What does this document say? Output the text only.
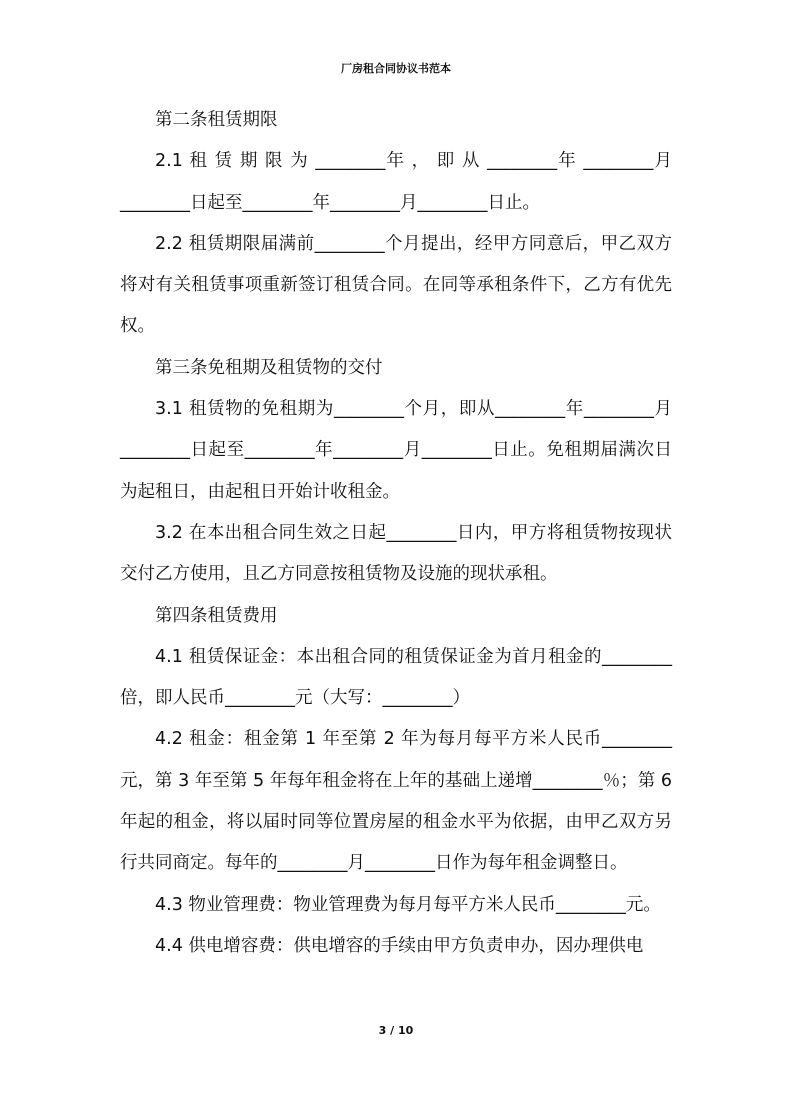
厂房租合同协议书范本

第二条租赁期限

2.1 租 赁 期 限 为 ________年 ， 即 从 ________年 ________月________日起至________年________月________日止。

2.2 租赁期限届满前________个月提出，经甲方同意后，甲乙双方将对有关租赁事项重新签订租赁合同。在同等承租条件下，乙方有优先权。

第三条免租期及租赁物的交付

3.1 租赁物的免租期为________个月，即从________年________月________日起至________年________月________日止。免租期届满次日为起租日，由起租日开始计收租金。

3.2 在本出租合同生效之日起________日内，甲方将租赁物按现状交付乙方使用，且乙方同意按租赁物及设施的现状承租。

第四条租赁费用

4.1 租赁保证金：本出租合同的租赁保证金为首月租金的________倍，即人民币________元（大写：________）

4.2 租金：租金第 1 年至第 2 年为每月每平方米人民币________元，第 3 年至第 5 年每年租金将在上年的基础上递增________％；第 6 年起的租金，将以届时同等位置房屋的租金水平为依据，由甲乙双方另行共同商定。每年的________月________日作为每年租金调整日。

4.3 物业管理费：物业管理费为每月每平方米人民币________元。

4.4 供电增容费：供电增容的手续由甲方负责申办，因办理供电

3 / 10
